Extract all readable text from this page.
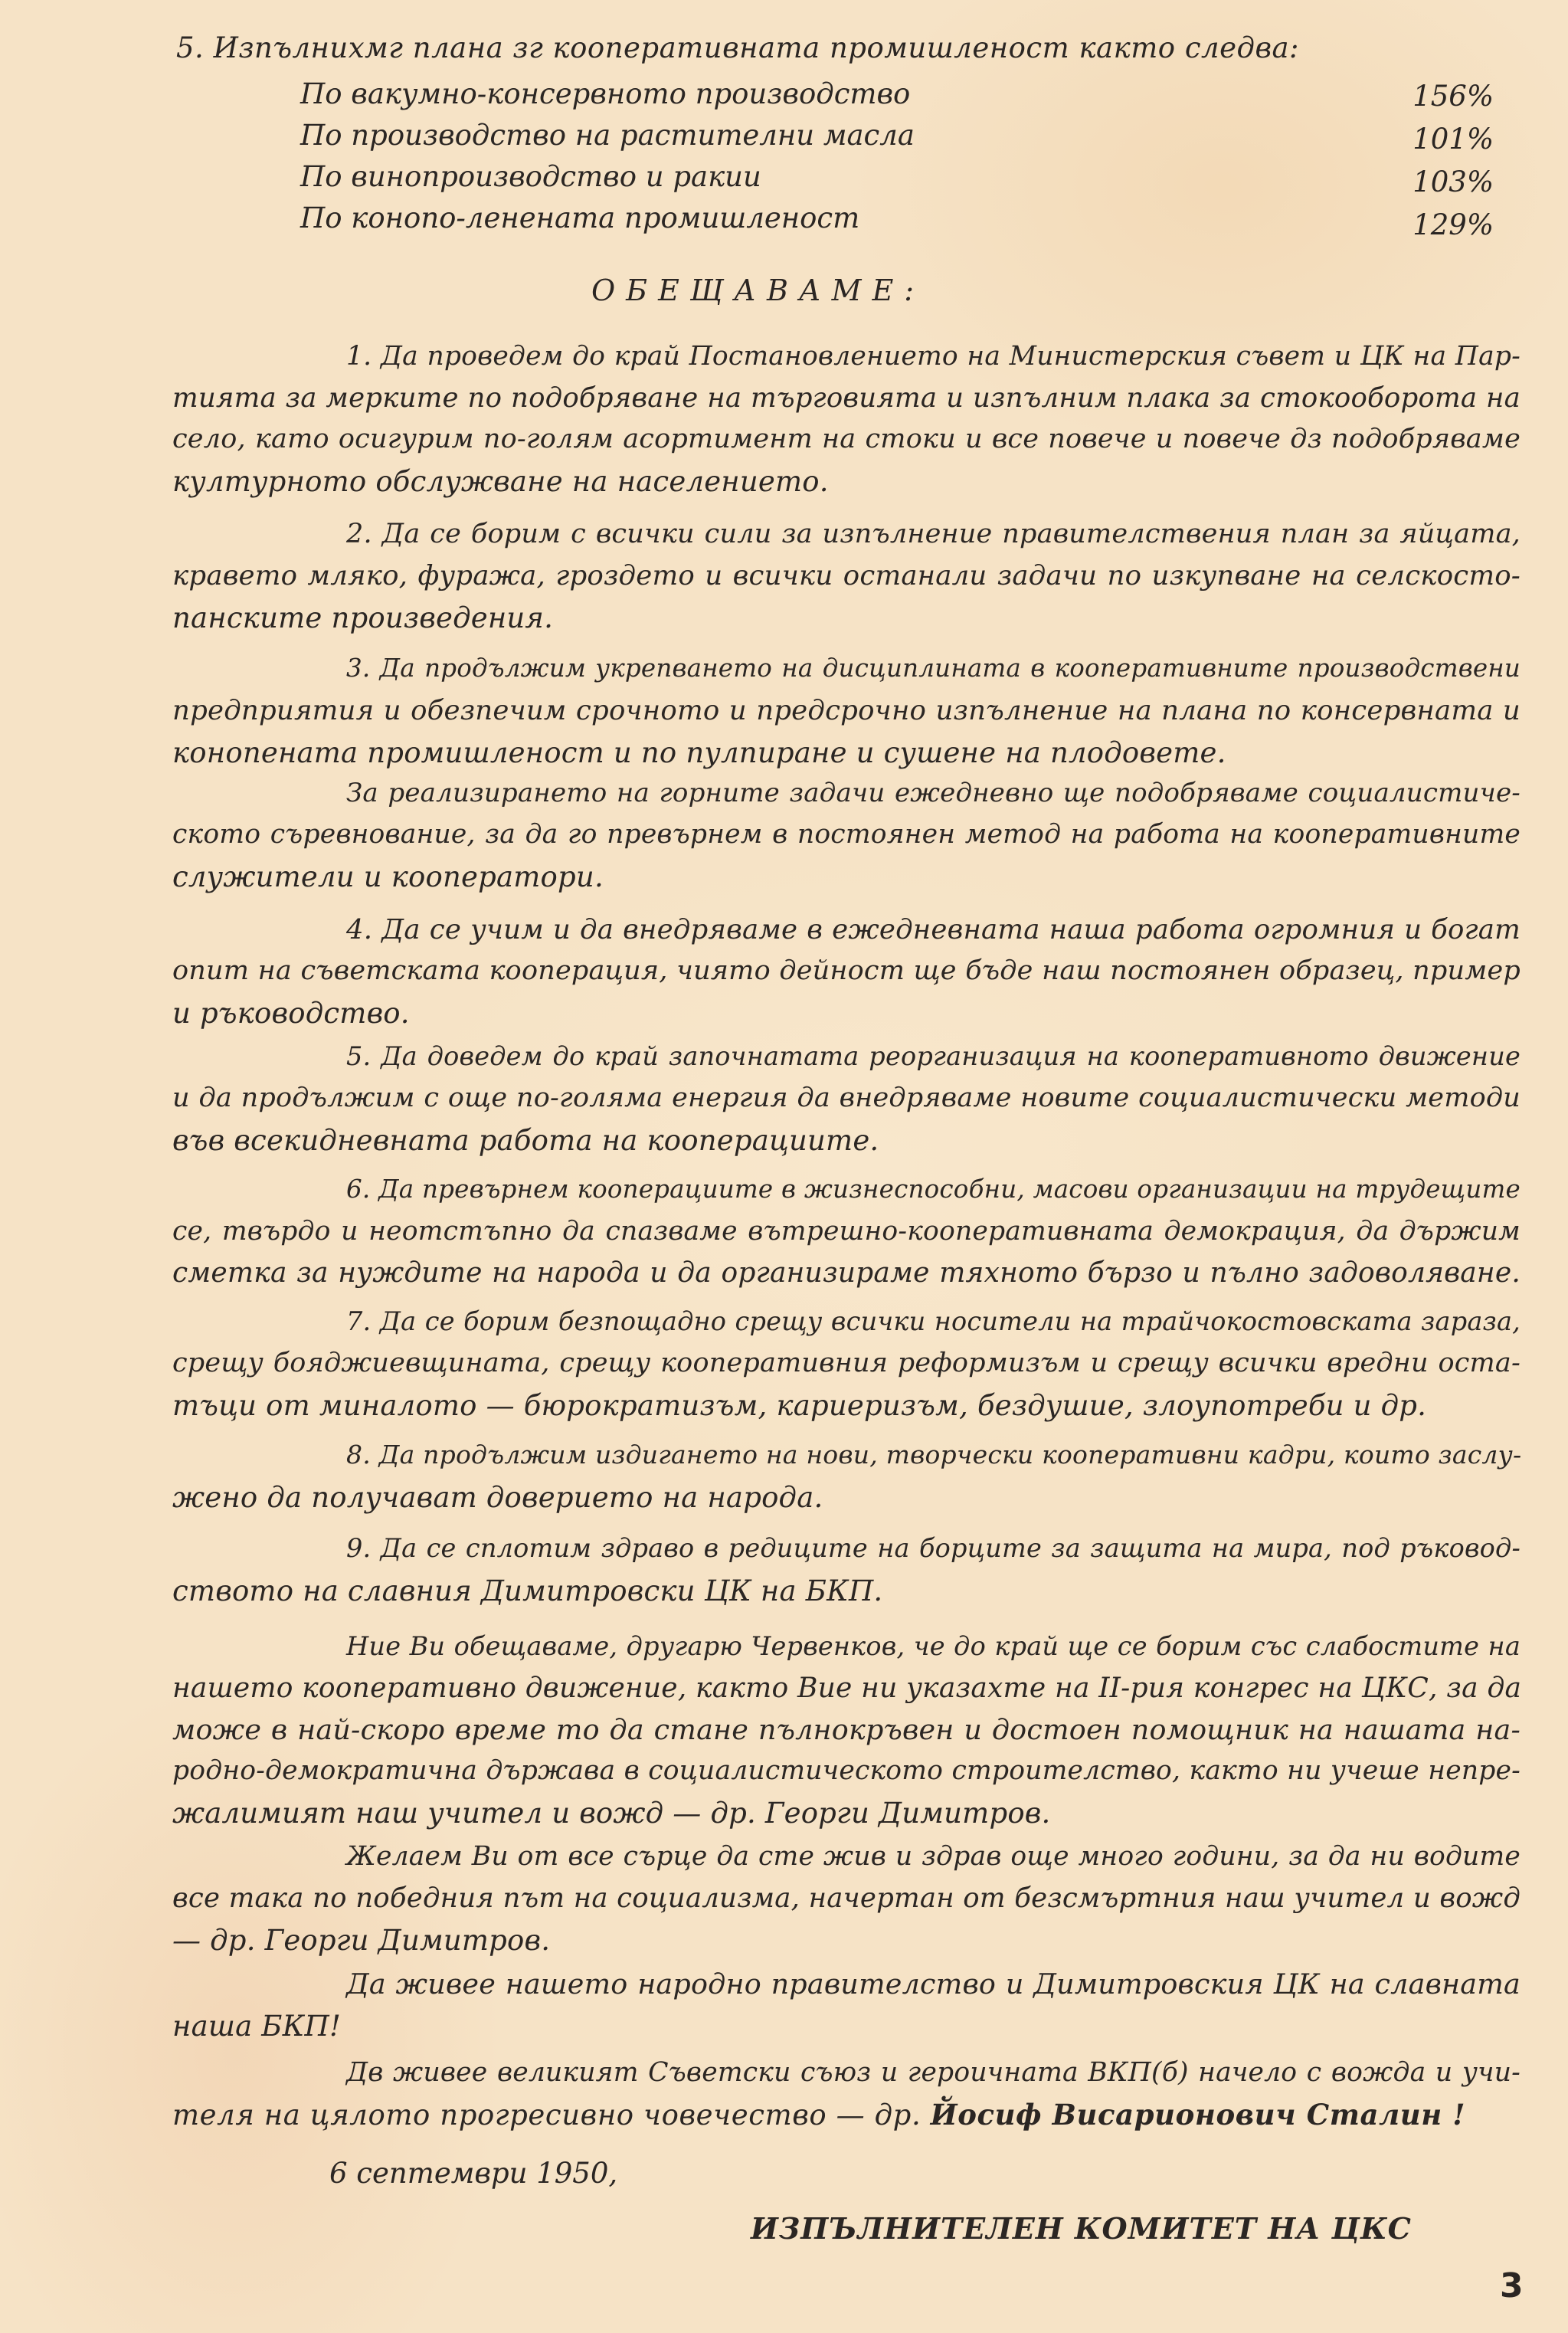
5. Изпълнихмг плана зг кооперативната промишленост както следва:
По вакумно-консервното производство	156%
По производство на растителни масла	101%
По винопроизводство и ракии	103%
По конопо-ленената промишленост	129%
ОБЕЩАВАМЕ:
1. Да проведем до край Постановлението на Министерския съвет и ЦК на Пар-
тията за мерките по подобряване на търговията и изпълним плака за стокооборота на
село, като осигурим по-голям асортимент на стоки и все повече и повече дз подобряваме
културното обслужване на населението.
2. Да се борим с всички сили за изпълнение правителствения план за яйцата,
кравето мляко, фуража, гроздето и всички останали задачи по изкупване на селскосто-
панските произведения.
3. Да продължим укрепването на дисциплината в кооперативните производствени
предприятия и обезпечим срочното и предсрочно изпълнение на плана по консервната и
конопената промишленост и по пулпиране и сушене на плодовете.
За реализирането на горните задачи ежедневно ще подобряваме социалистиче-
ското съревнование, за да го превърнем в постоянен метод на работа на кооперативните
служители и кооператори.
4. Да се учим и да внедряваме в ежедневната наша работа огромния и богат
опит на съветската кооперация, чиято дейност ще бъде наш постоянен образец, пример
и ръководство.
5. Да доведем до край започнатата реорганизация на кооперативното движение
и да продължим с още по-голяма енергия да внедряваме новите социалистически методи
във всекидневната работа на кооперациите.
6. Да превърнем кооперациите в жизнеспособни, масови организации на трудещите
се, твърдо и неотстъпно да спазваме вътрешно-кооперативната демокрация, да държим
сметка за нуждите на народа и да организираме тяхното бързо и пълно задоволяване.
7. Да се борим безпощадно срещу всички носители на трайчокостовската зараза,
срещу бояджиевщината, срещу кооперативния реформизъм и срещу всички вредни оста-
тъци от миналото — бюрократизъм, кариеризъм, бездушие, злоупотреби и др.
8. Да продължим издигането на нови, творчески кооперативни кадри, които заслу-
жено да получават доверието на народа.
9. Да се сплотим здраво в редиците на борците за защита на мира, под ръковод-
ството на славния Димитровски ЦК на БКП.
Ние Ви обещаваме, другарю Червенков, че до край ще се борим със слабостите на
нашето кооперативно движение, както Вие ни указахте на II-рия конгрес на ЦКС, за да
може в най-скоро време то да стане пълнокръвен и достоен помощник на нашата на-
родно-демократична държава в социалистическото строителство, както ни учеше непре-
жалимият наш учител и вожд — др. Георги Димитров.
Желаем Ви от все сърце да сте жив и здрав още много години, за да ни водите
все така по победния път на социализма, начертан от безсмъртния наш учител и вожд
— др. Георги Димитров.
Да живее нашето народно правителство и Димитровския ЦК на славната
наша БКП!
Дв живее великият Съветски съюз и героичната ВКП(б) начело с вожда и учи-
теля на цялото прогресивно човечество — др. Йосиф Висарионович Сталин !
6 септември 1950,
ИЗПЪЛНИТЕЛЕН КОМИТЕТ НА ЦКС
3
